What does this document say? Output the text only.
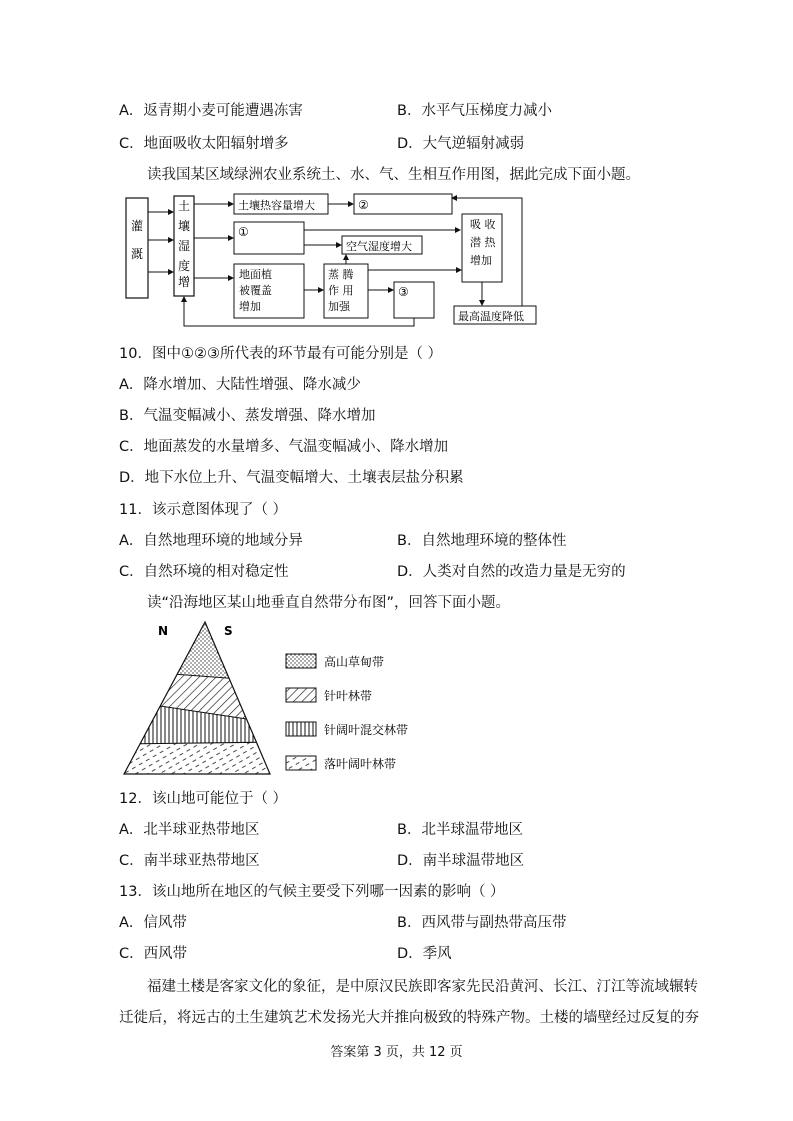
A．返青期小麦可能遭遇冻害	B．水平气压梯度力减小
C．地面吸收太阳辐射增多	D．大气逆辐射减弱
读我国某区域绿洲农业系统土、水、气、生相互作用图，据此完成下面小题。
灌
溉
土
壤
湿
度
增
土壤热容量增大	②
①
空气湿度增大
吸 收
潜 热
增加
地面植
被覆盖
增加
蒸 腾
作 用
加强
③
最高温度降低
10．图中①②③所代表的环节最有可能分别是（ ）
A．降水增加、大陆性增强、降水减少
B．气温变幅减小、蒸发增强、降水增加
C．地面蒸发的水量增多、气温变幅减小、降水增加
D．地下水位上升、气温变幅增大、土壤表层盐分积累
11．该示意图体现了（ ）
A．自然地理环境的地域分异	B．自然地理环境的整体性
C．自然环境的相对稳定性	D．人类对自然的改造力量是无穷的
读“沿海地区某山地垂直自然带分布图”，回答下面小题。
N	S
高山草甸带
针叶林带
针阔叶混交林带
落叶阔叶林带
12．该山地可能位于（ ）
A．北半球亚热带地区	B．北半球温带地区
C．南半球亚热带地区	D．南半球温带地区
13．该山地所在地区的气候主要受下列哪一因素的影响（ ）
A．信风带	B．西风带与副热带高压带
C．西风带	D．季风
福建土楼是客家文化的象征，是中原汉民族即客家先民沿黄河、长江、汀江等流域辗转
迁徙后，将远古的土生建筑艺术发扬光大并推向极致的特殊产物。土楼的墙壁经过反复的夯
答案第 3 页，共 12 页
